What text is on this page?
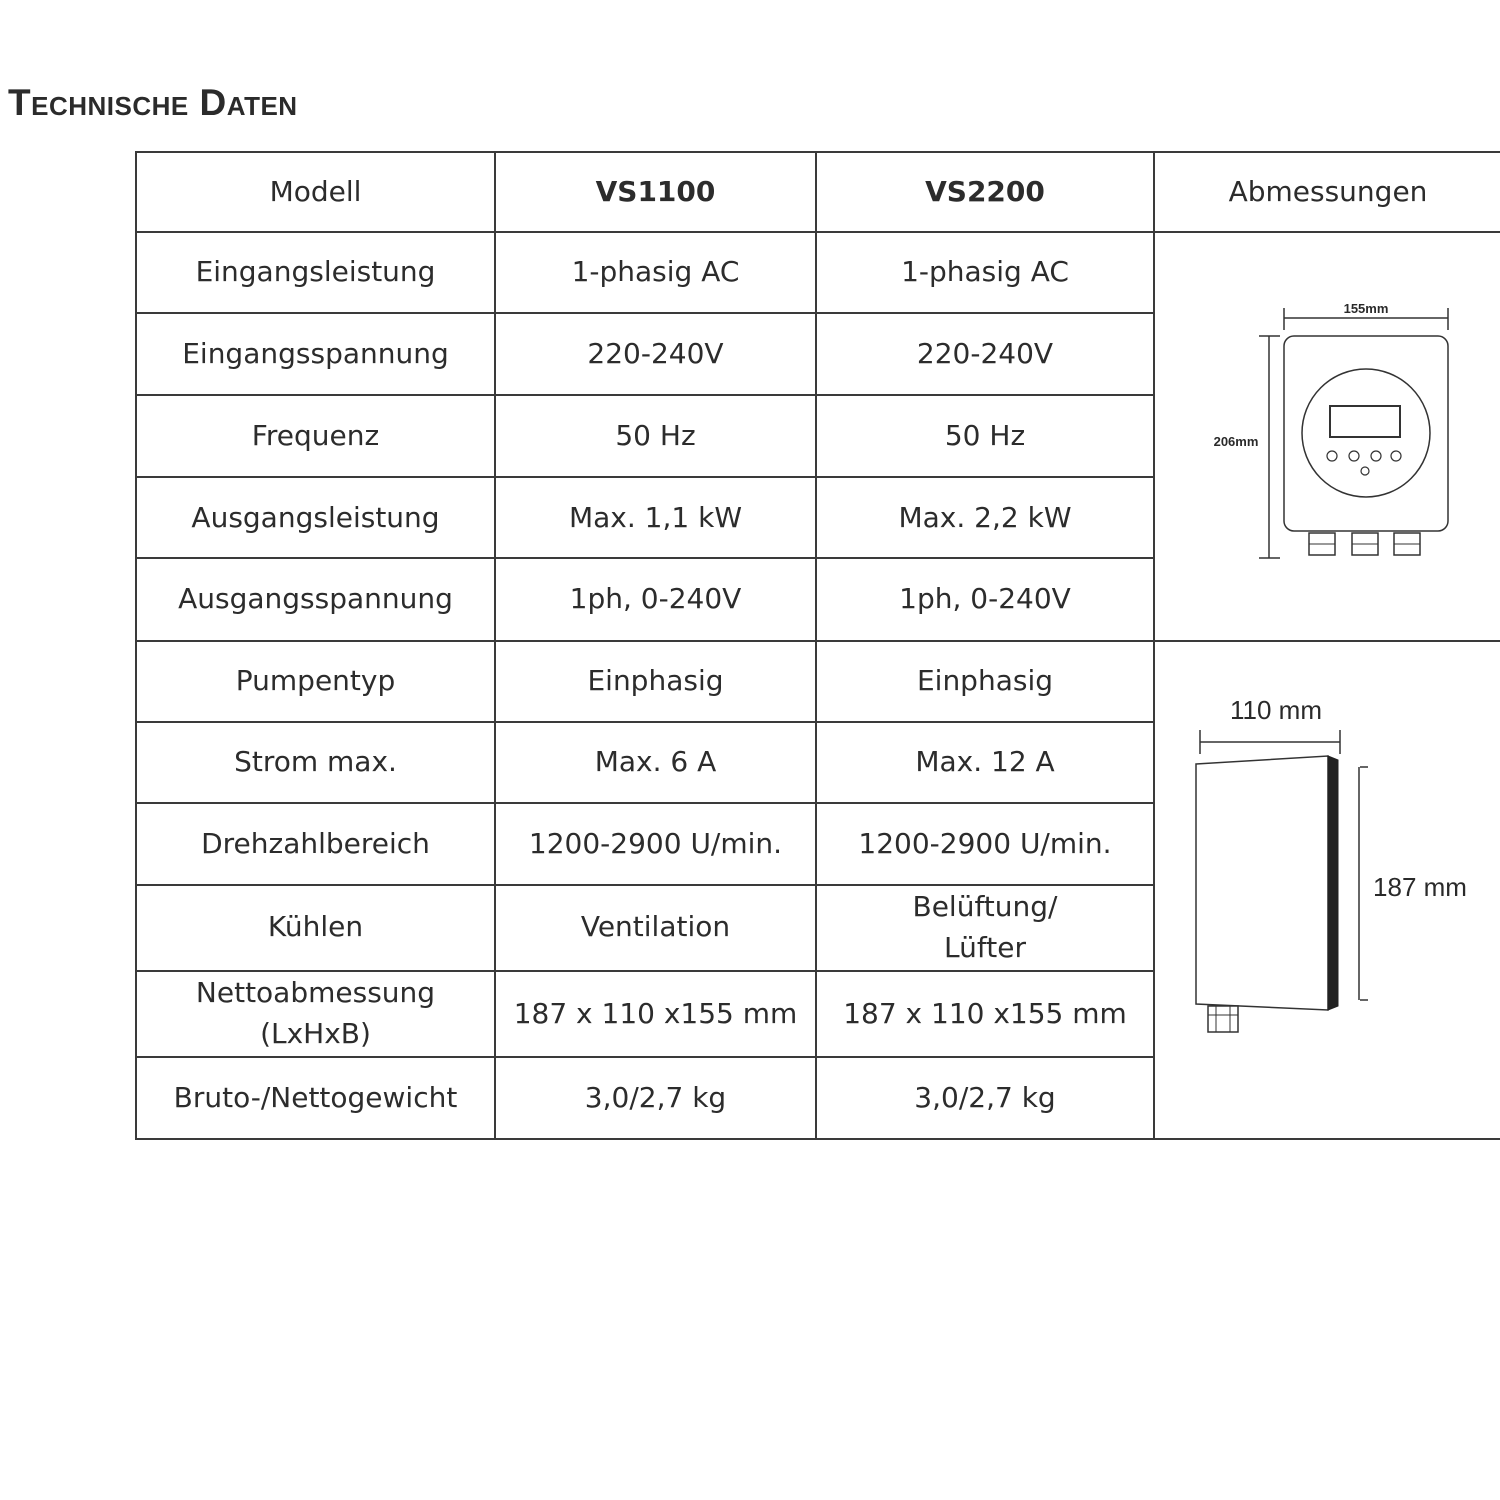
Technische Daten
Modell	VS1100	VS2200	Abmessungen
Eingangsleistung	1-phasig AC	1-phasig AC	155mm
206mm

Eingangsspannung	220-240V	220-240V	
Frequenz	50 Hz	50 Hz	
Ausgangsleistung	Max. 1,1 kW	Max. 2,2 kW	
Ausgangsspannung	1ph, 0-240V	1ph, 0-240V	
Pumpentyp	Einphasig	Einphasig	110 mm
187 mm

Strom max.	Max. 6 A	Max. 12 A	
Drehzahlbereich	1200-2900 U/min.	1200-2900 U/min.	
Kühlen	Ventilation	Belüftung/
Lüfter	

Nettoabmessung
(LxHxB)	187 x 110 x155 mm	187 x 110 x155 mm	
Bruto-/Nettogewicht	3,0/2,7 kg	3,0/2,7 kg	
